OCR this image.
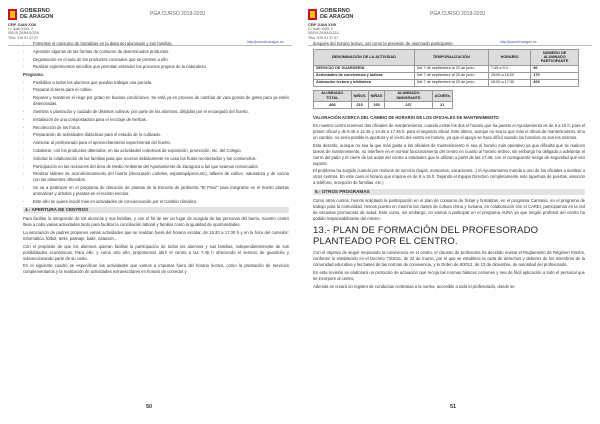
GOBIERNO
DE ARAGON	PGA CURSO 2019-2020
CEIP JUAN XXIII
C/ Juan XXIII, 2
50019 ZARAGOZA
Tfno: 976 51 37 07
http://juanxxiii.aragon.es
- Fomentar el consumo de hortalizas en la dieta del alumnado y sus familias.
- Aprender algunas de las formas de consumo de determinados productos.
- Degustación en el aula de los productos cocinados que se presten a ello.
- Realizar experimentos sencillos que permitan entender los procesos propios de la naturaleza.
Programa:
- Posibilitar a todos los alumnos que puedan trabajar una parcela.
- Preparar la tierra para el cultivo.
- Reparar y mantener el riego por goteo en buenas condiciones. Se está ya en proceso de cambiar de vara gomas de goteo para ya estén deterioradas.
- Siembra o plantación y cuidado de distintos cultivos, por parte de los alumnos, dirigidos por el encargado del huerto.
- Instalación de una compostadora para el reciclaje de hierbas.
- Recolección de los frutos.
- Preparación de actividades didácticas para el estudio de lo cultivado.
- Asesorar al profesorado para el aprovechamiento experimental del huerto.
- Colaborar, con los productos obtenidos, en las actividades colectivas de exposición, promoción, etc. del Colegio.
- Solicitar la colaboración de las familias para que ocurran debidamente en casa los frutos recolectados y los consumirlos.
- Participación en las reuniones del área de Medio Ambiente del Ayuntamiento de Zaragoza a las que seamos convocados.
- Realizar talleres de acondicionamiento del huerto (decoración carteles, espantapájaros,etc), talleres de cultivo, naturaleza y de cocina con los alimentos obtenidos.
- Se va a participar en el programa de donación de plantas de la Escuela de jardinería "El Pinar" para integrarse en el huerto plantas aromáticas y árboles y plantas en el recinto escolar.
- Este año se quiere incidir más en actividades de concienciación por el Cambio climático.
4.- APERTURA DE CENTROS
Para facilitar la integración de los alumnos y sus familias, y con el fin de ser un lugar de acogida de las personas del barrio, nuestro centro lleva a cabo varias actividades tanto para facilitar la conciliación laboral y familiar como la igualdad de oportunidades.
La asociación de padres proponen varias actividades que se realizan fuera del horario escolar, de 16.30 a 17.30 h y en la hora del comedor: Informática, fútbol, tenis, patinaje, baile, natación...
Con el propósito de que los alumnos quieran facilitar la participación de todos los alumnos y sus familias, independientemente de sus posibilidades económicas. Para ello, y como otro año, proponemos abrir el centro a las 7.45 h ofreciendo el servicio de guardería y subvencionando parte de su coste.
En el siguiente cuadro se especifican las actividades que vamos a impulsar fuera del horario lectivo, como la prestación de servicios complementarios y la realización de actividades extraescolares en horario de comedor y
50
GOBIERNO
DE ARAGON	PGA CURSO 2019-2020
CEIP JUAN XXIII
C/ Juan XXIII, 2
50019 ZARAGOZA
Tfno: 976 51 37 07
http://juanxxiii.aragon.es
después del horario lectivo, así como la previsión de alumnado participante.
DENOMINACIÓN DE LA ACTIVIDAD	TEMPORALIZACIÓN	HORARIO	NÚMERO DE ALUMNADO PARTICIPANTE
SERVICIO DE GUARDERÍA	Del 7 de septiembre al 20 de junio	7:45 a 9 h.	56
Actividades de convivencia y lúdicas	Del 7 de septiembre al 20 de junio	15:00 a 16:00	170
Animación lectora y biblioteca	Del 7 de septiembre al 20 de junio	16:00 a 17:30	405
ALUMNADO TOTAL	NIÑOS	NIÑAS	ALUMNADO INMIGRANTE	ACNEEs
408	215	193	237	21
VALORACIÓN ACERCA DEL CAMBIO DE HORARIO DE LOS OFICIALES DE MANTENIMIENTO
En nuestro centro tenemos dos oficiales de mantenimiento, cuando existe los dos el horario que ha puesto el Ayuntamiento es de 8 a 15 h. para el primer oficial y de 8.45 a 12.45 y 14.45 a 17.45 h. para el segundo oficial. Este último, aunque no sea la que más el oficial de mantenimiento, sino un cambio, no sería posible la apertura y el cierre del centro en horario, ya que el apoyo se hace difícil cuando los horarios no son los mismos.
Esta descrito, aunque no sea la que más gusta a los oficiales de mantenimiento ni sea el horario más operativo ya que dificulta que se realicen tareas de mantenimiento, no interfiere en el normal funcionamiento del centro en cuanto al horario lectivo, sin embargo ha obligado a adelantar el cierre del patio y el cierre de las aulas del centro a entidades que lo utilizan a partir de las 17:45; con el consiguiente riesgo de seguridad que eso supone.
El problema ha surgido cuando por motivos de servicio (bajas, moscosos, vacaciones...) el Ayuntamiento manda a uno de los oficiales a sustituir a otros centros. En este caso el horario que impone es de 8 a 15 h. Dejando el Equipo Directivo completamente solo (apertura de puertas, atención a teléfono, recepción de familias, etc.)
5.- OTROS PROGRAMAS
Como otros cursos, hemos solicitado la participación en el plan de consumo de frutas y hortalizas, en el programa Cantania, en el programa de trabajo para la comunidad, hemos puesto en marcha las clases de cultura china y rumana, en colaboración con el CAREI, participamos en la red de escuelas promotoras de salud. Este curso, sin embargo, no vamos a participar en el programa AUNA ya que ningún profesor del centro ha podido responsabilizarse del mismo.
13.- PLAN DE FORMACIÓN DEL PROFESORADO PLANTEADO POR EL CENTRO.
Con el objetivo de seguir mejorando la convivencia en el centro, el claustro de profesores ha decidido revisar el Reglamento de Régimen Interior, conforme lo establecido en el Decreto 73/2011, de 22 de marzo, por el que se establece la carta de derechos y deberes de los miembros de la comunidad educativa y las bases de las normas de convivencia, y la Orden de 8/2012, de 13 de diciembre, de autoridad del profesorado.
En esta revisión se elaborará un protocolo de actuación que recoja las normas básicas comunes y sea de fácil aplicación a todo el personal que se incorpore al centro.
Además se creará un registro de conductas contrarias a la norma, accesible a todo el profesorado, donde se
51
